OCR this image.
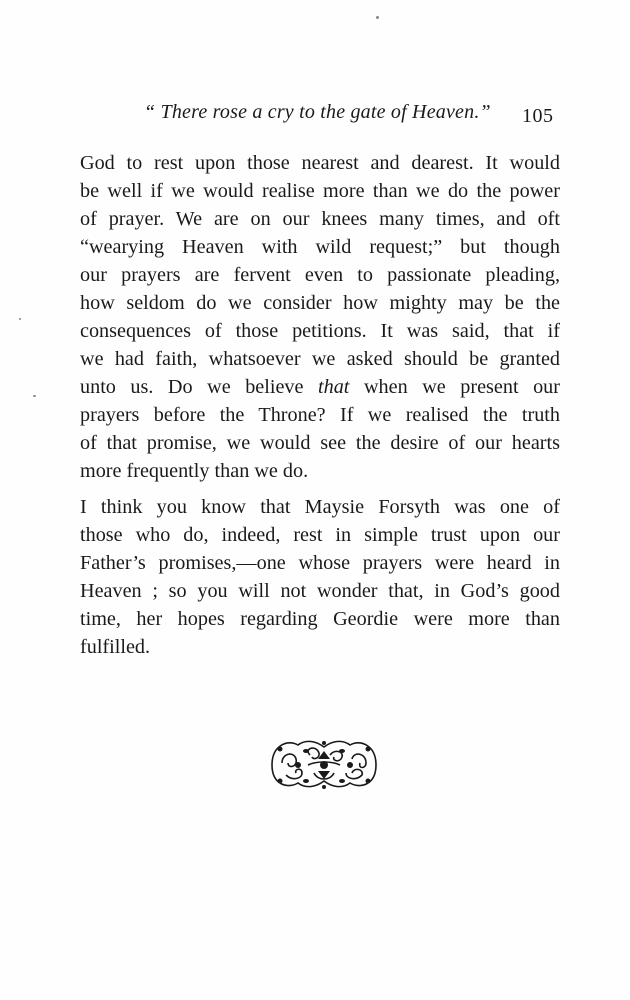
“ There rose a cry to the gate of Heaven.” 105
God to rest upon those nearest and dearest. It would
be well if we would realise more than we do the power
of prayer. We are on our knees many times, and oft
“wearying Heaven with wild request;” but though
our prayers are fervent even to passionate pleading,
how seldom do we consider how mighty may be the
consequences of those petitions. It was said, that if
we had faith, whatsoever we asked should be granted
unto us. Do we believe that when we present our
prayers before the Throne? If we realised the truth
of that promise, we would see the desire of our hearts
more frequently than we do.
I think you know that Maysie Forsyth was one of
those who do, indeed, rest in simple trust upon our
Father’s promises,—one whose prayers were heard in
Heaven ; so you will not wonder that, in God’s good
time, her hopes regarding Geordie were more than
fulfilled.
